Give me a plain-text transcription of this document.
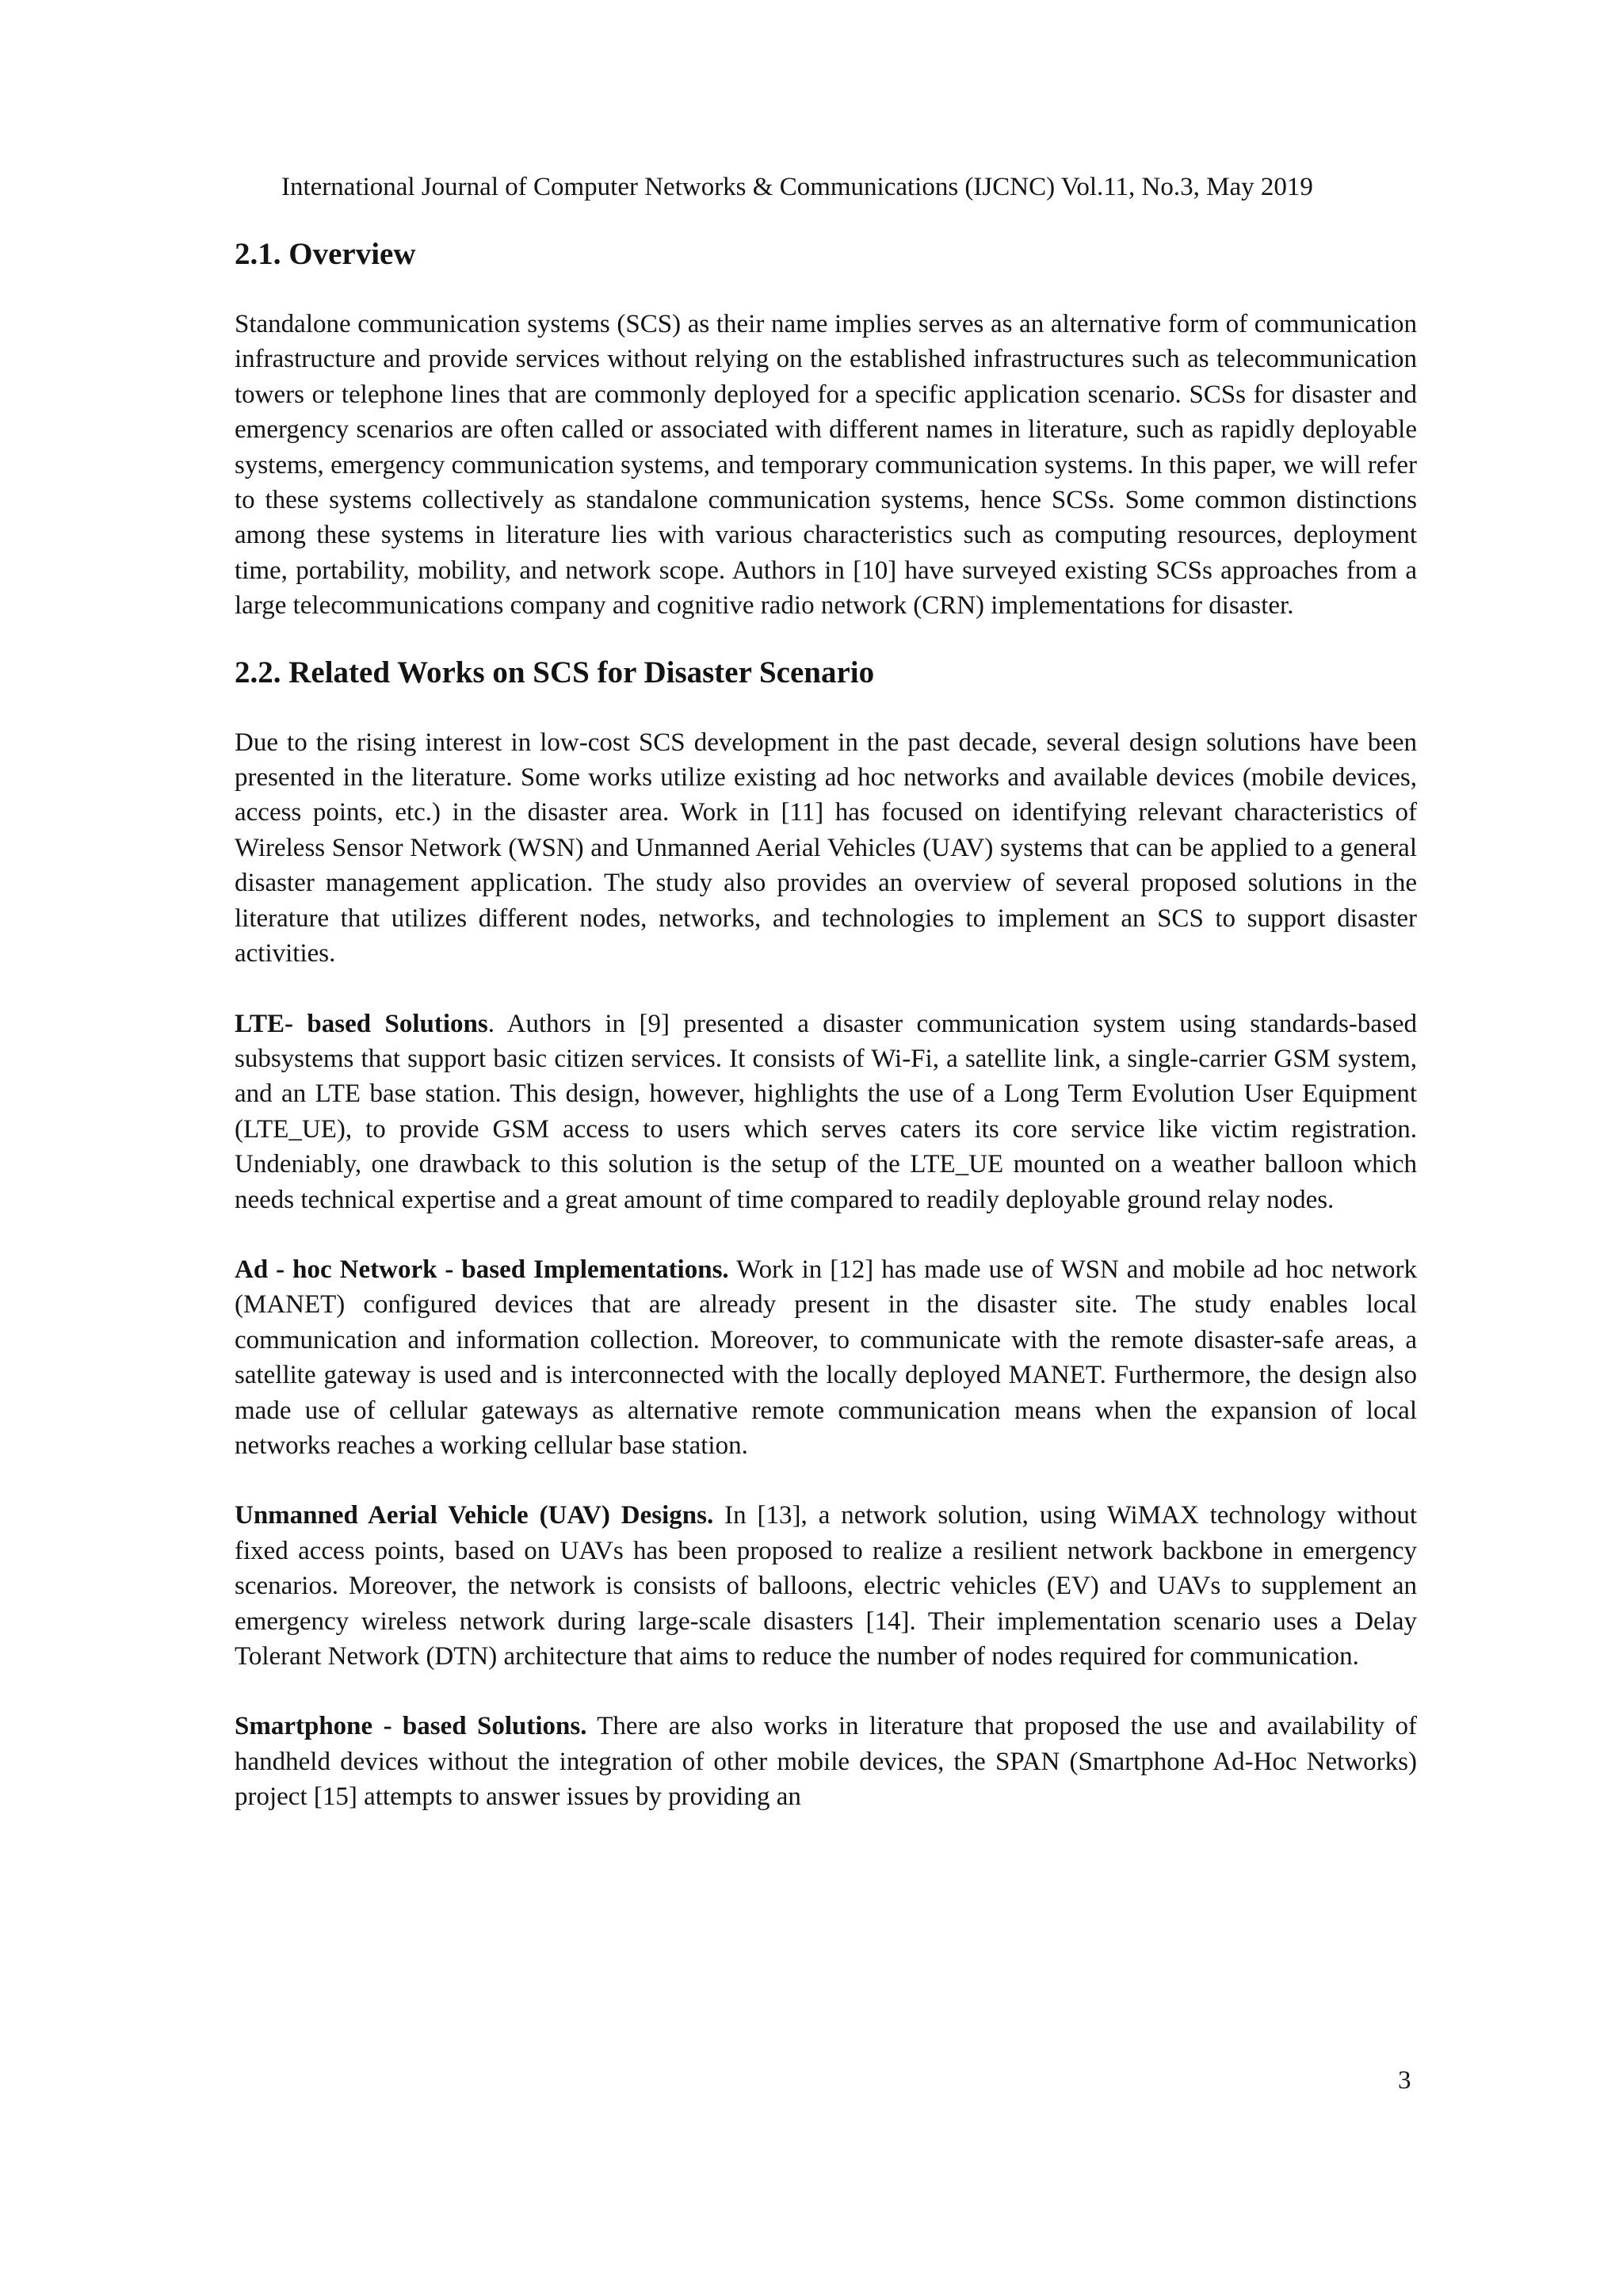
International Journal of Computer Networks & Communications (IJCNC) Vol.11, No.3, May 2019
2.1. Overview

Standalone communication systems (SCS) as their name implies serves as an alternative form of communication infrastructure and provide services without relying on the established infrastructures such as telecommunication towers or telephone lines that are commonly deployed for a specific application scenario. SCSs for disaster and emergency scenarios are often called or associated with different names in literature, such as rapidly deployable systems, emergency communication systems, and temporary communication systems. In this paper, we will refer to these systems collectively as standalone communication systems, hence SCSs. Some common distinctions among these systems in literature lies with various characteristics such as computing resources, deployment time, portability, mobility, and network scope. Authors in [10] have surveyed existing SCSs approaches from a large telecommunications company and cognitive radio network (CRN) implementations for disaster.

2.2. Related Works on SCS for Disaster Scenario

Due to the rising interest in low-cost SCS development in the past decade, several design solutions have been presented in the literature. Some works utilize existing ad hoc networks and available devices (mobile devices, access points, etc.) in the disaster area. Work in [11] has focused on identifying relevant characteristics of Wireless Sensor Network (WSN) and Unmanned Aerial Vehicles (UAV) systems that can be applied to a general disaster management application. The study also provides an overview of several proposed solutions in the literature that utilizes different nodes, networks, and technologies to implement an SCS to support disaster activities.

LTE- based Solutions. Authors in [9] presented a disaster communication system using standards-based subsystems that support basic citizen services. It consists of Wi-Fi, a satellite link, a single-carrier GSM system, and an LTE base station. This design, however, highlights the use of a Long Term Evolution User Equipment (LTE_UE), to provide GSM access to users which serves caters its core service like victim registration. Undeniably, one drawback to this solution is the setup of the LTE_UE mounted on a weather balloon which needs technical expertise and a great amount of time compared to readily deployable ground relay nodes.

Ad - hoc Network - based Implementations. Work in [12] has made use of WSN and mobile ad hoc network (MANET) configured devices that are already present in the disaster site. The study enables local communication and information collection. Moreover, to communicate with the remote disaster-safe areas, a satellite gateway is used and is interconnected with the locally deployed MANET. Furthermore, the design also made use of cellular gateways as alternative remote communication means when the expansion of local networks reaches a working cellular base station.

Unmanned Aerial Vehicle (UAV) Designs. In [13], a network solution, using WiMAX technology without fixed access points, based on UAVs has been proposed to realize a resilient network backbone in emergency scenarios. Moreover, the network is consists of balloons, electric vehicles (EV) and UAVs to supplement an emergency wireless network during large-scale disasters [14]. Their implementation scenario uses a Delay Tolerant Network (DTN) architecture that aims to reduce the number of nodes required for communication.

Smartphone - based Solutions. There are also works in literature that proposed the use and availability of handheld devices without the integration of other mobile devices, the SPAN (Smartphone Ad-Hoc Networks) project [15] attempts to answer issues by providing an

3
